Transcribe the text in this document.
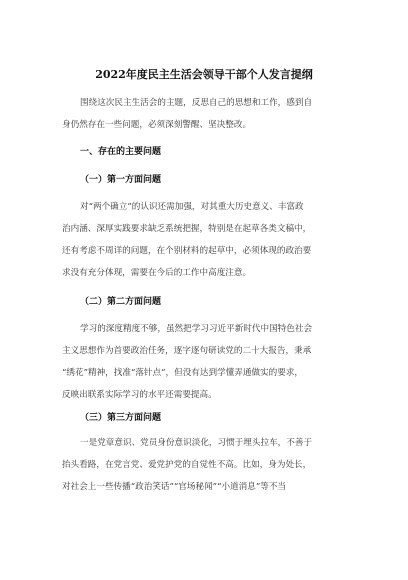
2022年度民主生活会领导干部个人发言提纲
围绕这次民主生活会的主题，反思自己的思想和工作，感到自
身仍然存在一些问题，必须深刻警醒、坚决整改。
一、存在的主要问题
（一）第一方面问题
对“两个确立”的认识还需加强，对其重大历史意义、丰富政
治内涵、深厚实践要求缺乏系统把握，特别是在起草各类文稿中，
还有考虑不周详的问题，在个别材料的起草中，必须体现的政治要
求没有充分体现，需要在今后的工作中高度注意。
（二）第二方面问题
学习的深度精度不够，虽然把学习习近平新时代中国特色社会
主义思想作为首要政治任务，逐字逐句研读党的二十大报告，秉承
“绣花”精神，找准“落针点”，但没有达到学懂弄通做实的要求，
反映出联系实际学习的水平还需要提高。
（三）第三方面问题
一是党章意识、党员身份意识淡化，习惯于埋头拉车，不善于
抬头看路，在党言党、爱党护党的自觉性不高。比如，身为处长，
对社会上一些传播“政治笑话”“官场秘闻”“小道消息”等不当
